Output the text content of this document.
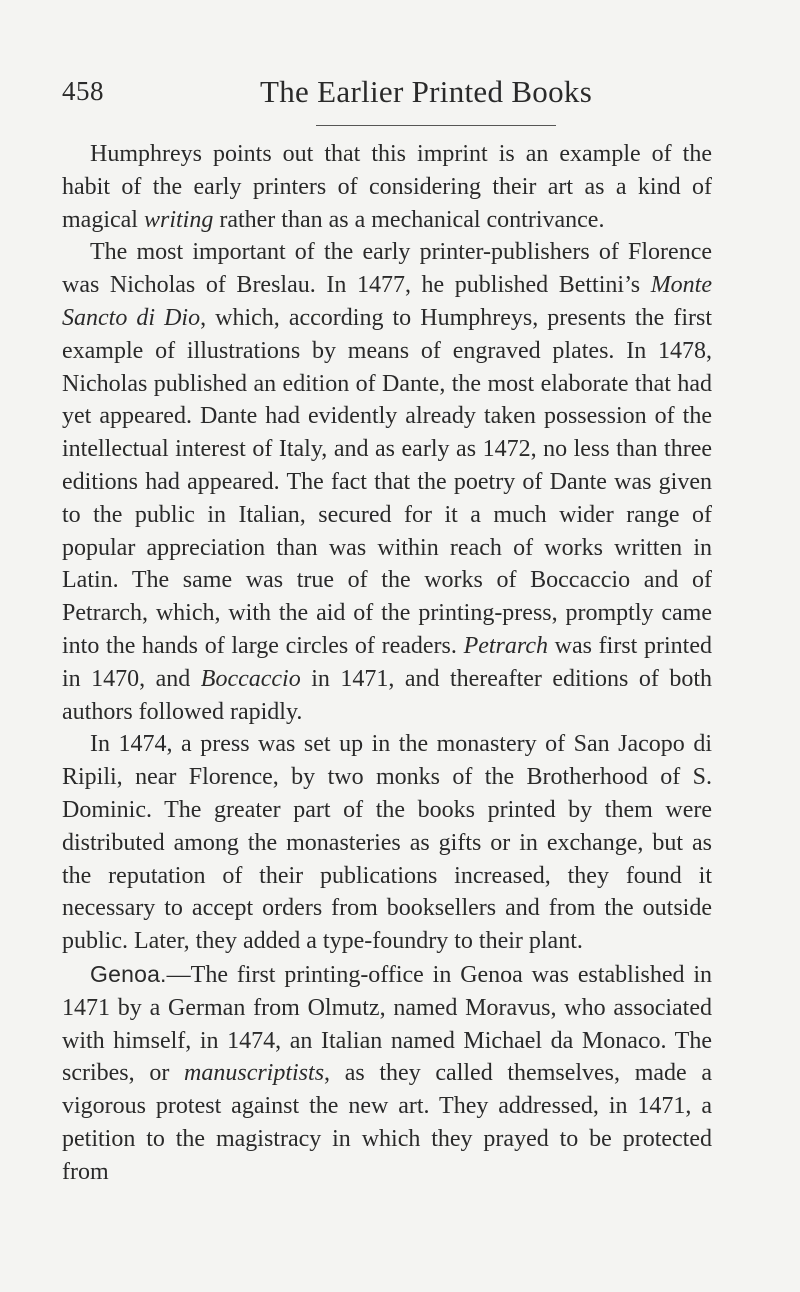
458	The Earlier Printed Books

Humphreys points out that this imprint is an example of the habit of the early printers of considering their art as a kind of magical writing rather than as a mechanical contrivance.

The most important of the early printer-publishers of Florence was Nicholas of Breslau. In 1477, he published Bettini’s Monte Sancto di Dio, which, according to Humphreys, presents the first example of illustrations by means of engraved plates. In 1478, Nicholas published an edition of Dante, the most elaborate that had yet appeared. Dante had evidently already taken possession of the intellectual interest of Italy, and as early as 1472, no less than three editions had appeared. The fact that the poetry of Dante was given to the public in Italian, secured for it a much wider range of popular appreciation than was within reach of works written in Latin. The same was true of the works of Boccaccio and of Petrarch, which, with the aid of the printing-press, promptly came into the hands of large circles of readers. Petrarch was first printed in 1470, and Boccaccio in 1471, and thereafter editions of both authors followed rapidly.

In 1474, a press was set up in the monastery of San Jacopo di Ripili, near Florence, by two monks of the Brotherhood of S. Dominic. The greater part of the books printed by them were distributed among the monasteries as gifts or in exchange, but as the reputation of their publications increased, they found it necessary to accept orders from booksellers and from the outside public. Later, they added a type-foundry to their plant.

Genoa.—The first printing-office in Genoa was established in 1471 by a German from Olmutz, named Moravus, who associated with himself, in 1474, an Italian named Michael da Monaco. The scribes, or manuscriptists, as they called themselves, made a vigorous protest against the new art. They addressed, in 1471, a petition to the magistracy in which they prayed to be protected from
